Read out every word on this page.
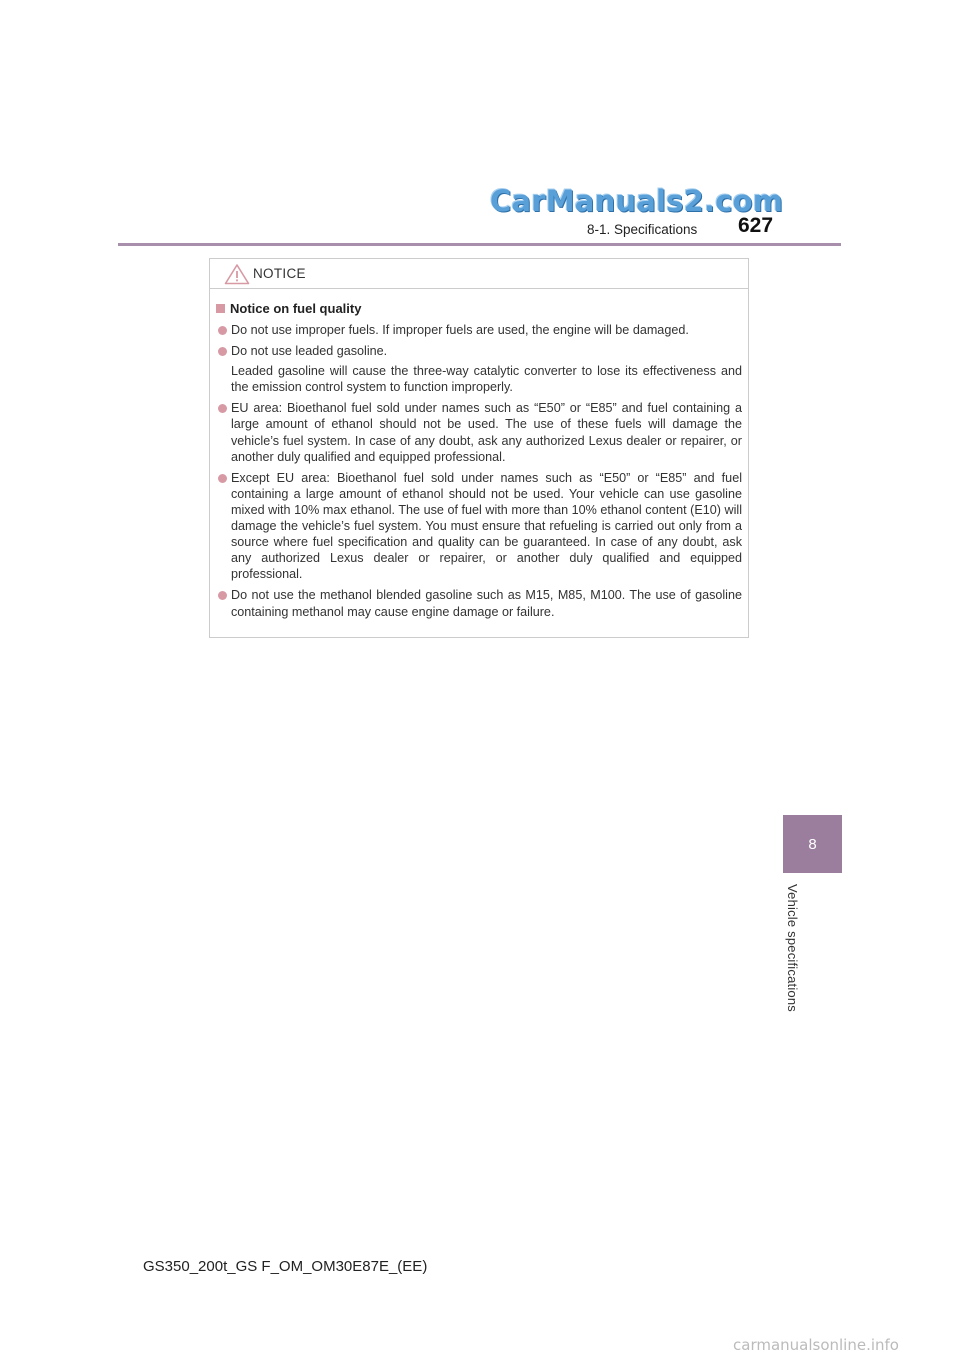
CarManuals2.com
8-1. Specifications 627
NOTICE
Notice on fuel quality

Do not use improper fuels. If improper fuels are used, the engine will be damaged.

Do not use leaded gasoline.

Leaded gasoline will cause the three-way catalytic converter to lose its effectiveness and the emission control system to function improperly.

EU area: Bioethanol fuel sold under names such as “E50” or “E85” and fuel containing a large amount of ethanol should not be used. The use of these fuels will damage the vehicle’s fuel system. In case of any doubt, ask any authorized Lexus dealer or repairer, or another duly qualified and equipped professional.

Except EU area: Bioethanol fuel sold under names such as “E50” or “E85” and fuel containing a large amount of ethanol should not be used. Your vehicle can use gasoline mixed with 10% max ethanol. The use of fuel with more than 10% ethanol content (E10) will damage the vehicle’s fuel system. You must ensure that refueling is carried out only from a source where fuel specification and quality can be guaranteed. In case of any doubt, ask any authorized Lexus dealer or repairer, or another duly qualified and equipped professional.

Do not use the methanol blended gasoline such as M15, M85, M100. The use of gasoline containing methanol may cause engine damage or failure.

8
Vehicle specifications
GS350_200t_GS F_OM_OM30E87E_(EE)
carmanualsonline.info
